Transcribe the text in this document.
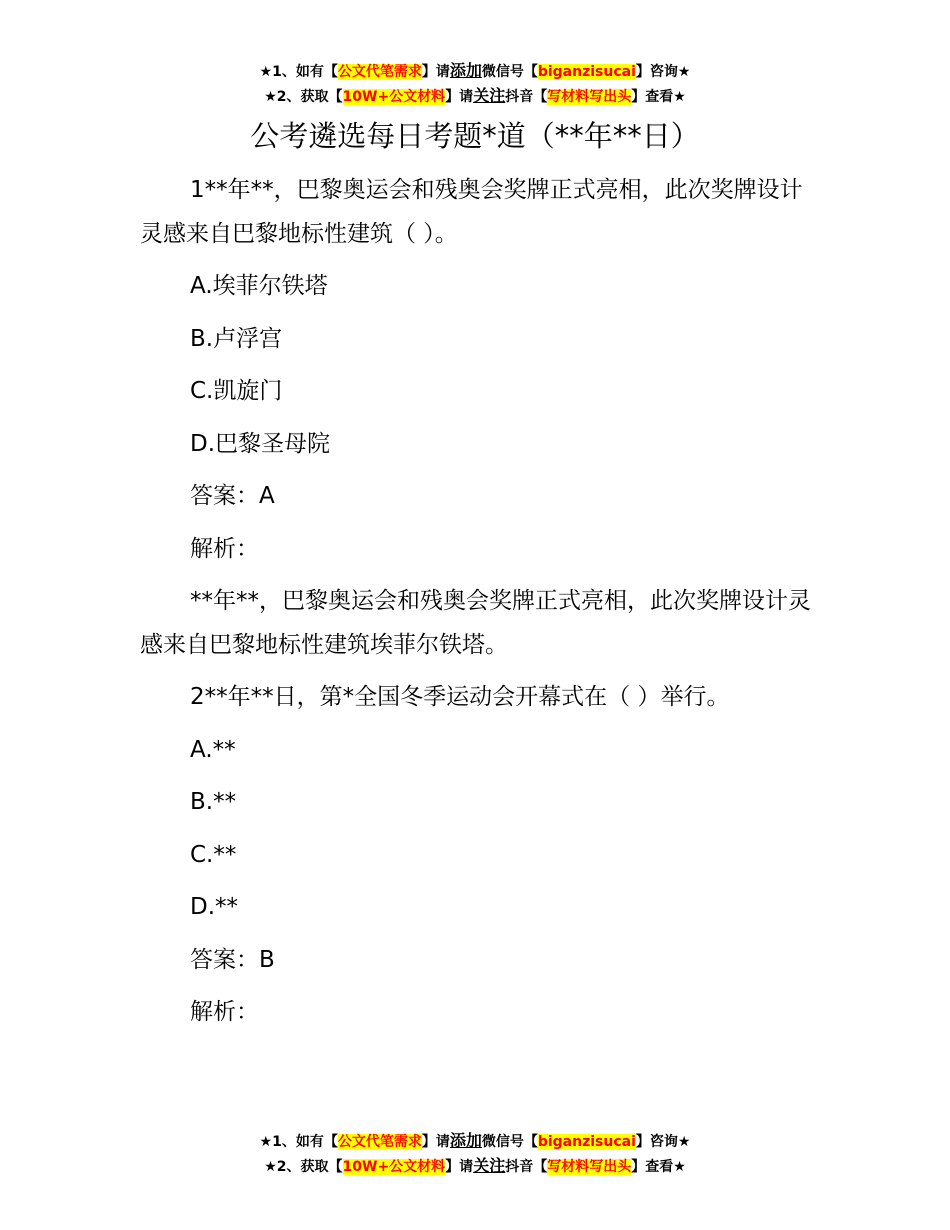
★1、如有【公文代笔需求】请添加微信号【biganzisucai】咨询★
★2、获取【10W+公文材料】请关注抖音【写材料写出头】查看★
公考遴选每日考题*道（**年**日）
1**年**，巴黎奥运会和残奥会奖牌正式亮相，此次奖牌设计灵感来自巴黎地标性建筑（ ）。
A.埃菲尔铁塔
B.卢浮宫
C.凯旋门
D.巴黎圣母院
答案：A
解析：
**年**，巴黎奥运会和残奥会奖牌正式亮相，此次奖牌设计灵感来自巴黎地标性建筑埃菲尔铁塔。
2**年**日，第*全国冬季运动会开幕式在（ ）举行。
A.**
B.**
C.**
D.**
答案：B
解析：
★1、如有【公文代笔需求】请添加微信号【biganzisucai】咨询★
★2、获取【10W+公文材料】请关注抖音【写材料写出头】查看★
